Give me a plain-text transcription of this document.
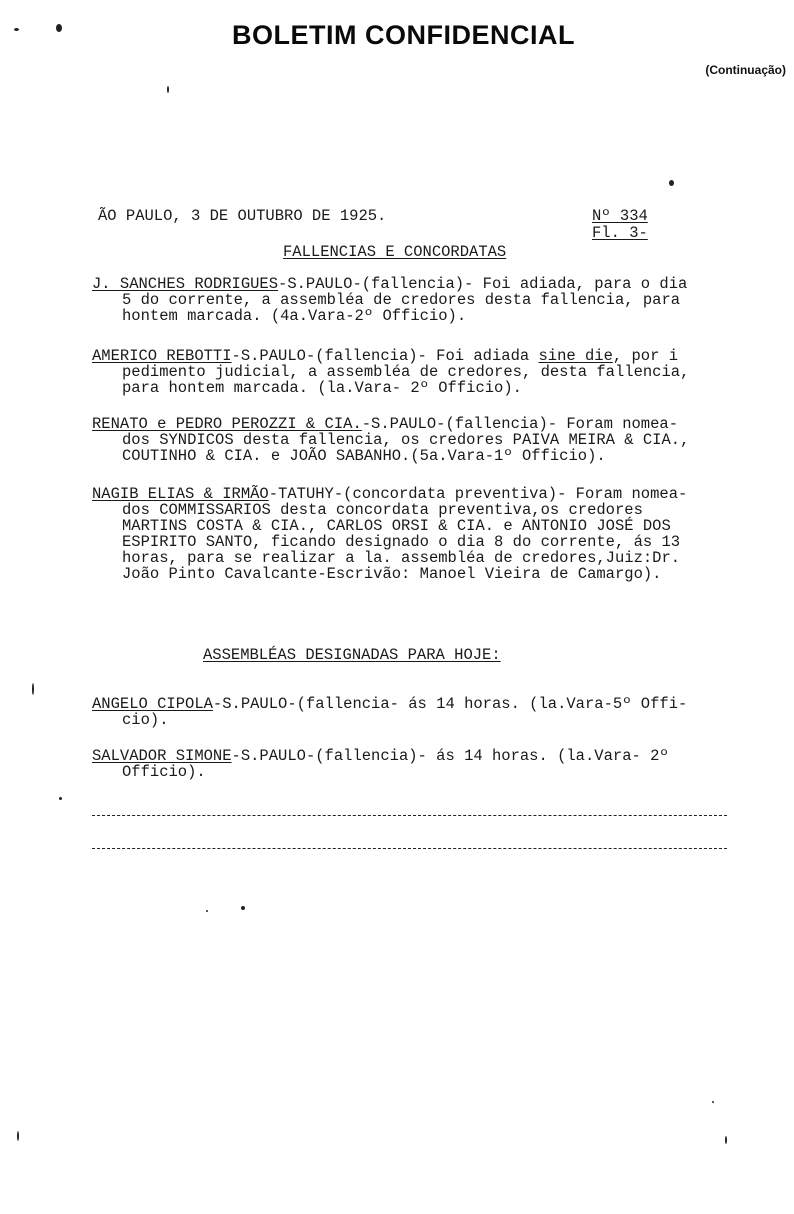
BOLETIM CONFIDENCIAL
(Continuação)
ÃO PAULO, 3 DE OUTUBRO DE 1925.	Nº 334
Fl. 3-
FALLENCIAS E CONCORDATAS
J. SANCHES RODRIGUES-S.PAULO-(fallencia)- Foi adiada, para o dia
5 do corrente, a assembléa de credores desta fallencia, para
hontem marcada. (4a.Vara-2º Officio).
AMERICO REBOTTI-S.PAULO-(fallencia)- Foi adiada sine die, por i
pedimento judicial, a assembléa de credores, desta fallencia,
para hontem marcada. (la.Vara- 2º Officio).
RENATO e PEDRO PEROZZI & CIA.-S.PAULO-(fallencia)- Foram nomea-
dos SYNDICOS desta fallencia, os credores PAIVA MEIRA & CIA.,
COUTINHO & CIA. e JOÃO SABANHO.(5a.Vara-1º Officio).
NAGIB ELIAS & IRMÃO-TATUHY-(concordata preventiva)- Foram nomea-
dos COMMISSARIOS desta concordata preventiva,os credores
MARTINS COSTA & CIA., CARLOS ORSI & CIA. e ANTONIO JOSÉ DOS
ESPIRITO SANTO, ficando designado o dia 8 do corrente, ás 13
horas, para se realizar a la. assembléa de credores,Juiz:Dr.
João Pinto Cavalcante-Escrivão: Manoel Vieira de Camargo).
ASSEMBLÉAS DESIGNADAS PARA HOJE:
ANGELO CIPOLA-S.PAULO-(fallencia- ás 14 horas. (la.Vara-5º Offi-
cio).
SALVADOR SIMONE-S.PAULO-(fallencia)- ás 14 horas. (la.Vara- 2º
Officio).
